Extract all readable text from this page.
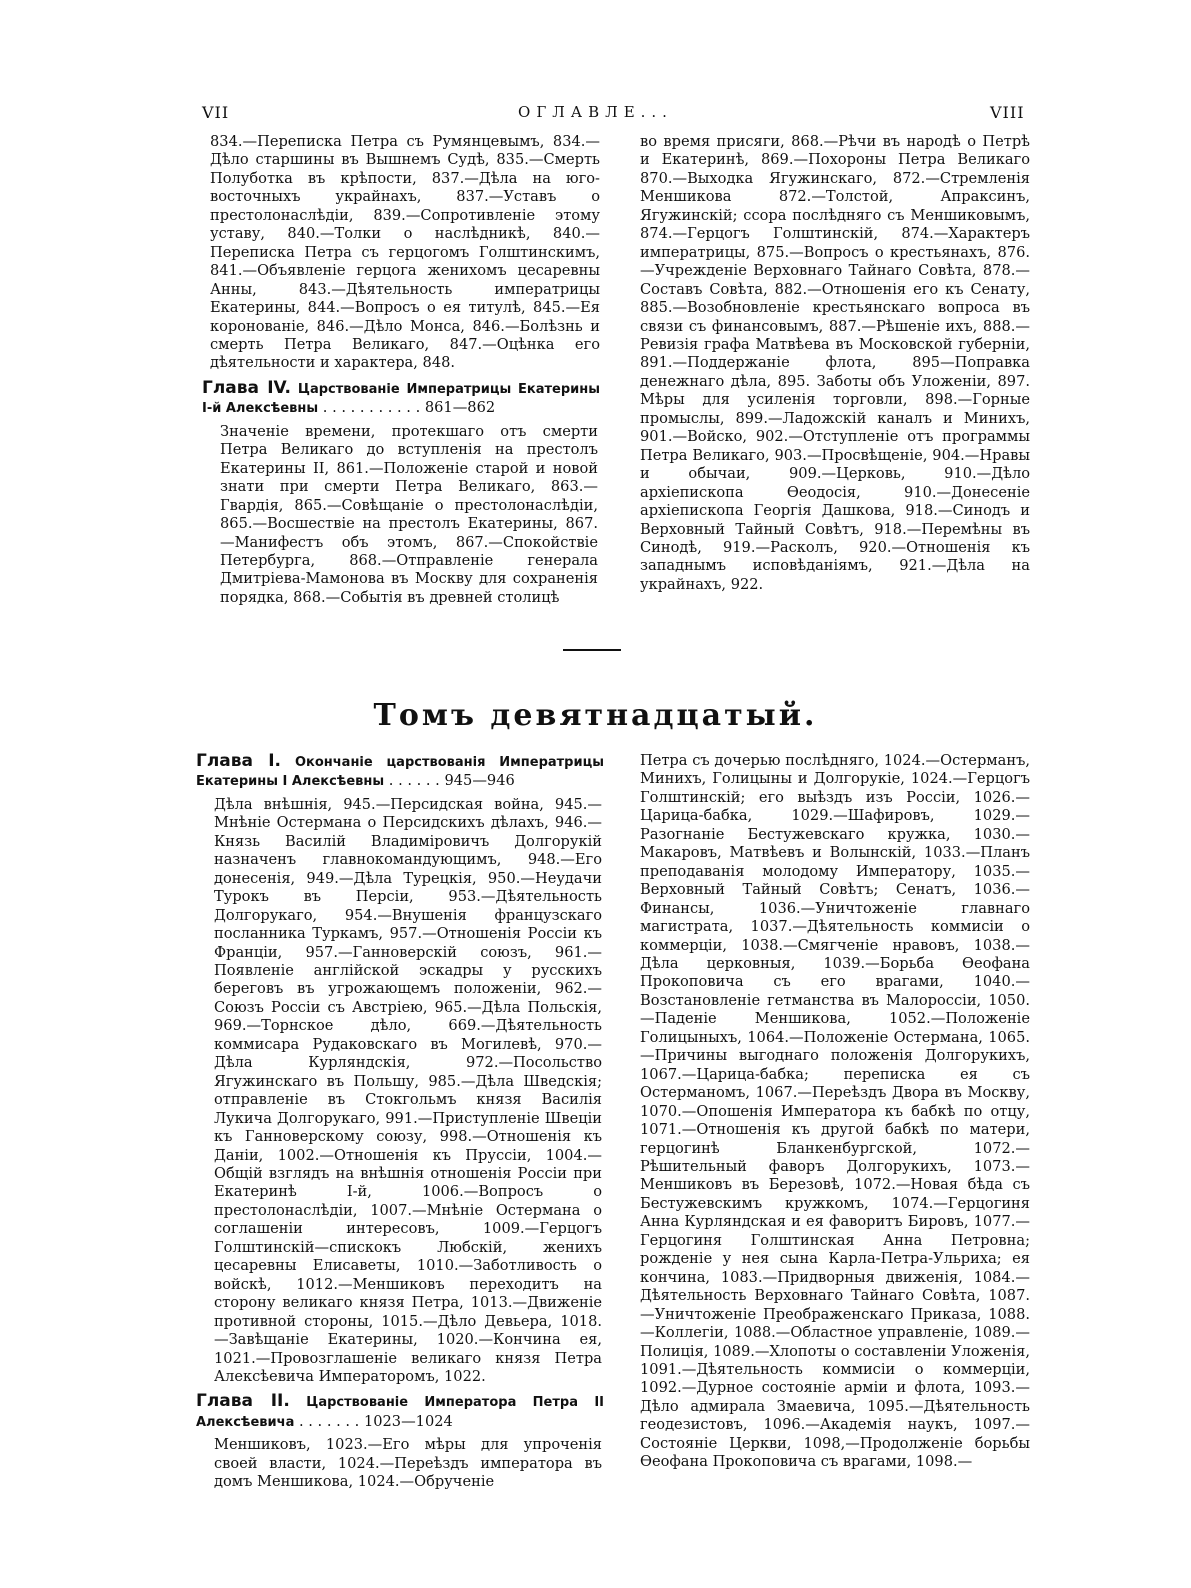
VII	ОГЛАВЛЕ...	VIII

834.—Переписка Петра съ Румянцевымъ, 834.—Дѣло старшины въ Вышнемъ Судѣ, 835.—Смерть Полуботка въ крѣпости, 837.—Дѣла на юго-восточныхъ украйнахъ, 837.—Уставъ о престолонаслѣдіи, 839.—Сопротивленіе этому уставу, 840.—Толки о наслѣдникѣ, 840.—Переписка Петра съ герцогомъ Голштинскимъ, 841.—Объявленіе герцога женихомъ цесаревны Анны, 843.—Дѣятельность императрицы Екатерины, 844.—Вопросъ о ея титулѣ, 845.—Ея коронованіе, 846.—Дѣло Монса, 846.—Болѣзнь и смерть Петра Великаго, 847.—Оцѣнка его дѣятельности и характера, 848.

Глава IV. Царствованіе Императрицы Екатерины I-й Алексѣевны . . . . . . . . . . . 861—862

Значеніе времени, протекшаго отъ смерти Петра Великаго до вступленія на престолъ Екатерины II, 861.—Положеніе старой и новой знати при смерти Петра Великаго, 863.—Гвардія, 865.—Совѣщаніе о престолонаслѣдіи, 865.—Восшествіе на престолъ Екатерины, 867.—Манифестъ объ этомъ, 867.—Спокойствіе Петербурга, 868.—Отправленіе генерала Дмитріева-Мамонова въ Москву для сохраненія порядка, 868.—Событія въ древней столицѣ

во время присяги, 868.—Рѣчи въ народѣ о Петрѣ и Екатеринѣ, 869.—Похороны Петра Великаго 870.—Выходка Ягужинскаго, 872.—Стремленія Меншикова 872.—Толстой, Апраксинъ, Ягужинскій; ссора послѣдняго съ Меншиковымъ, 874.—Герцогъ Голштинскій, 874.—Характеръ императрицы, 875.—Вопросъ о крестьянахъ, 876.—Учрежденіе Верховнаго Тайнаго Совѣта, 878.—Составъ Совѣта, 882.—Отношенія его къ Сенату, 885.—Возобновленіе крестьянскаго вопроса въ связи съ финансовымъ, 887.—Рѣшеніе ихъ, 888.—Ревизія графа Матвѣева въ Московской губерніи, 891.—Поддержаніе флота, 895—Поправка денежнаго дѣла, 895. Заботы объ Уложеніи, 897. Мѣры для усиленія торговли, 898.—Горные промыслы, 899.—Ладожскій каналъ и Минихъ, 901.—Войско, 902.—Отступленіе отъ программы Петра Великаго, 903.—Просвѣщеніе, 904.—Нравы и обычаи, 909.—Церковь, 910.—Дѣло архіепископа Ѳеодосія, 910.—Донесеніе архіепископа Георгія Дашкова, 918.—Синодъ и Верховный Тайный Совѣтъ, 918.—Перемѣны въ Синодѣ, 919.—Расколъ, 920.—Отношенія къ западнымъ исповѣданіямъ, 921.—Дѣла на украйнахъ, 922.

Томъ девятнадцатый.
Глава I. Окончаніе царствованія Императрицы Екатерины I Алексѣевны . . . . . . 945—946

Дѣла внѣшнія, 945.—Персидская война, 945.—Мнѣніе Остермана о Персидскихъ дѣлахъ, 946.—Князь Василій Владиміровичъ Долгорукій назначенъ главнокомандующимъ, 948.—Его донесенія, 949.—Дѣла Турецкія, 950.—Неудачи Турокъ въ Персіи, 953.—Дѣятельность Долгорукаго, 954.—Внушенія французскаго посланника Туркамъ, 957.—Отношенія Россіи къ Франціи, 957.—Ганноверскій союзъ, 961.—Появленіе англійской эскадры у русскихъ береговъ въ угрожающемъ положеніи, 962.—Союзъ Россіи съ Австріею, 965.—Дѣла Польскія, 969.—Торнское дѣло, 669.—Дѣятельность коммисара Рудаковскаго въ Могилевѣ, 970.—Дѣла Курляндскія, 972.—Посольство Ягужинскаго въ Польшу, 985.—Дѣла Шведскія; отправленіе въ Стокгольмъ князя Василія Лукича Долгорукаго, 991.—Приступленіе Швеціи къ Ганноверскому союзу, 998.—Отношенія къ Даніи, 1002.—Отношенія къ Пруссіи, 1004.—Общій взглядъ на внѣшнія отношенія Россіи при Екатеринѣ I-й, 1006.—Вопросъ о престолонаслѣдіи, 1007.—Мнѣніе Остермана о соглашеніи интересовъ, 1009.—Герцогъ Голштинскій—спискокъ Любскій, женихъ цесаревны Елисаветы, 1010.—Заботливость о войскѣ, 1012.—Меншиковъ переходитъ на сторону великаго князя Петра, 1013.—Движеніе противной стороны, 1015.—Дѣло Девьера, 1018.—Завѣщаніе Екатерины, 1020.—Кончина ея, 1021.—Провозглашеніе великаго князя Петра Алексѣевича Императоромъ, 1022.

Глава II. Царствованіе Императора Петра II Алексѣевича . . . . . . . 1023—1024

Меншиковъ, 1023.—Его мѣры для упроченія своей власти, 1024.—Переѣздъ императора въ домъ Меншикова, 1024.—Обрученіе

Петра съ дочерью послѣдняго, 1024.—Остерманъ, Минихъ, Голицыны и Долгорукіе, 1024.—Герцогъ Голштинскій; его выѣздъ изъ Россіи, 1026.—Царица-бабка, 1029.—Шафировъ, 1029.—Разогнаніе Бестужевскаго кружка, 1030.—Макаровъ, Матвѣевъ и Волынскій, 1033.—Планъ преподаванія молодому Императору, 1035.—Верховный Тайный Совѣтъ; Сенатъ, 1036.—Финансы, 1036.—Уничтоженіе главнаго магистрата, 1037.—Дѣятельность коммисіи о коммерціи, 1038.—Смягченіе нравовъ, 1038.—Дѣла церковныя, 1039.—Борьба Ѳеофана Прокоповича съ его врагами, 1040.—Возстановленіе гетманства въ Малороссіи, 1050.—Паденіе Меншикова, 1052.—Положеніе Голицыныхъ, 1064.—Положеніе Остермана, 1065.—Причины выгоднаго положенія Долгорукихъ, 1067.—Царица-бабка; переписка ея съ Остерманомъ, 1067.—Переѣздъ Двора въ Москву, 1070.—Опошенія Императора къ бабкѣ по отцу, 1071.—Отношенія къ другой бабкѣ по матери, герцогинѣ Бланкенбургской, 1072.—Рѣшительный фаворъ Долгорукихъ, 1073.—Меншиковъ въ Березовѣ, 1072.—Новая бѣда съ Бестужевскимъ кружкомъ, 1074.—Герцогиня Анна Курляндская и ея фаворитъ Бировъ, 1077.—Герцогиня Голштинская Анна Петровна; рожденіе у нея сына Карла-Петра-Ульриха; ея кончина, 1083.—Придворныя движенія, 1084.—Дѣятельность Верховнаго Тайнаго Совѣта, 1087.—Уничтоженіе Преображенскаго Приказа, 1088.—Коллегіи, 1088.—Областное управленіе, 1089.—Полиція, 1089.—Хлопоты о составленіи Уложенія, 1091.—Дѣятельность коммисіи о коммерціи, 1092.—Дурное состояніе арміи и флота, 1093.—Дѣло адмирала Змаевича, 1095.—Дѣятельность геодезистовъ, 1096.—Академія наукъ, 1097.—Состояніе Церкви, 1098,—Продолженіе борьбы Ѳеофана Прокоповича съ врагами, 1098.—
